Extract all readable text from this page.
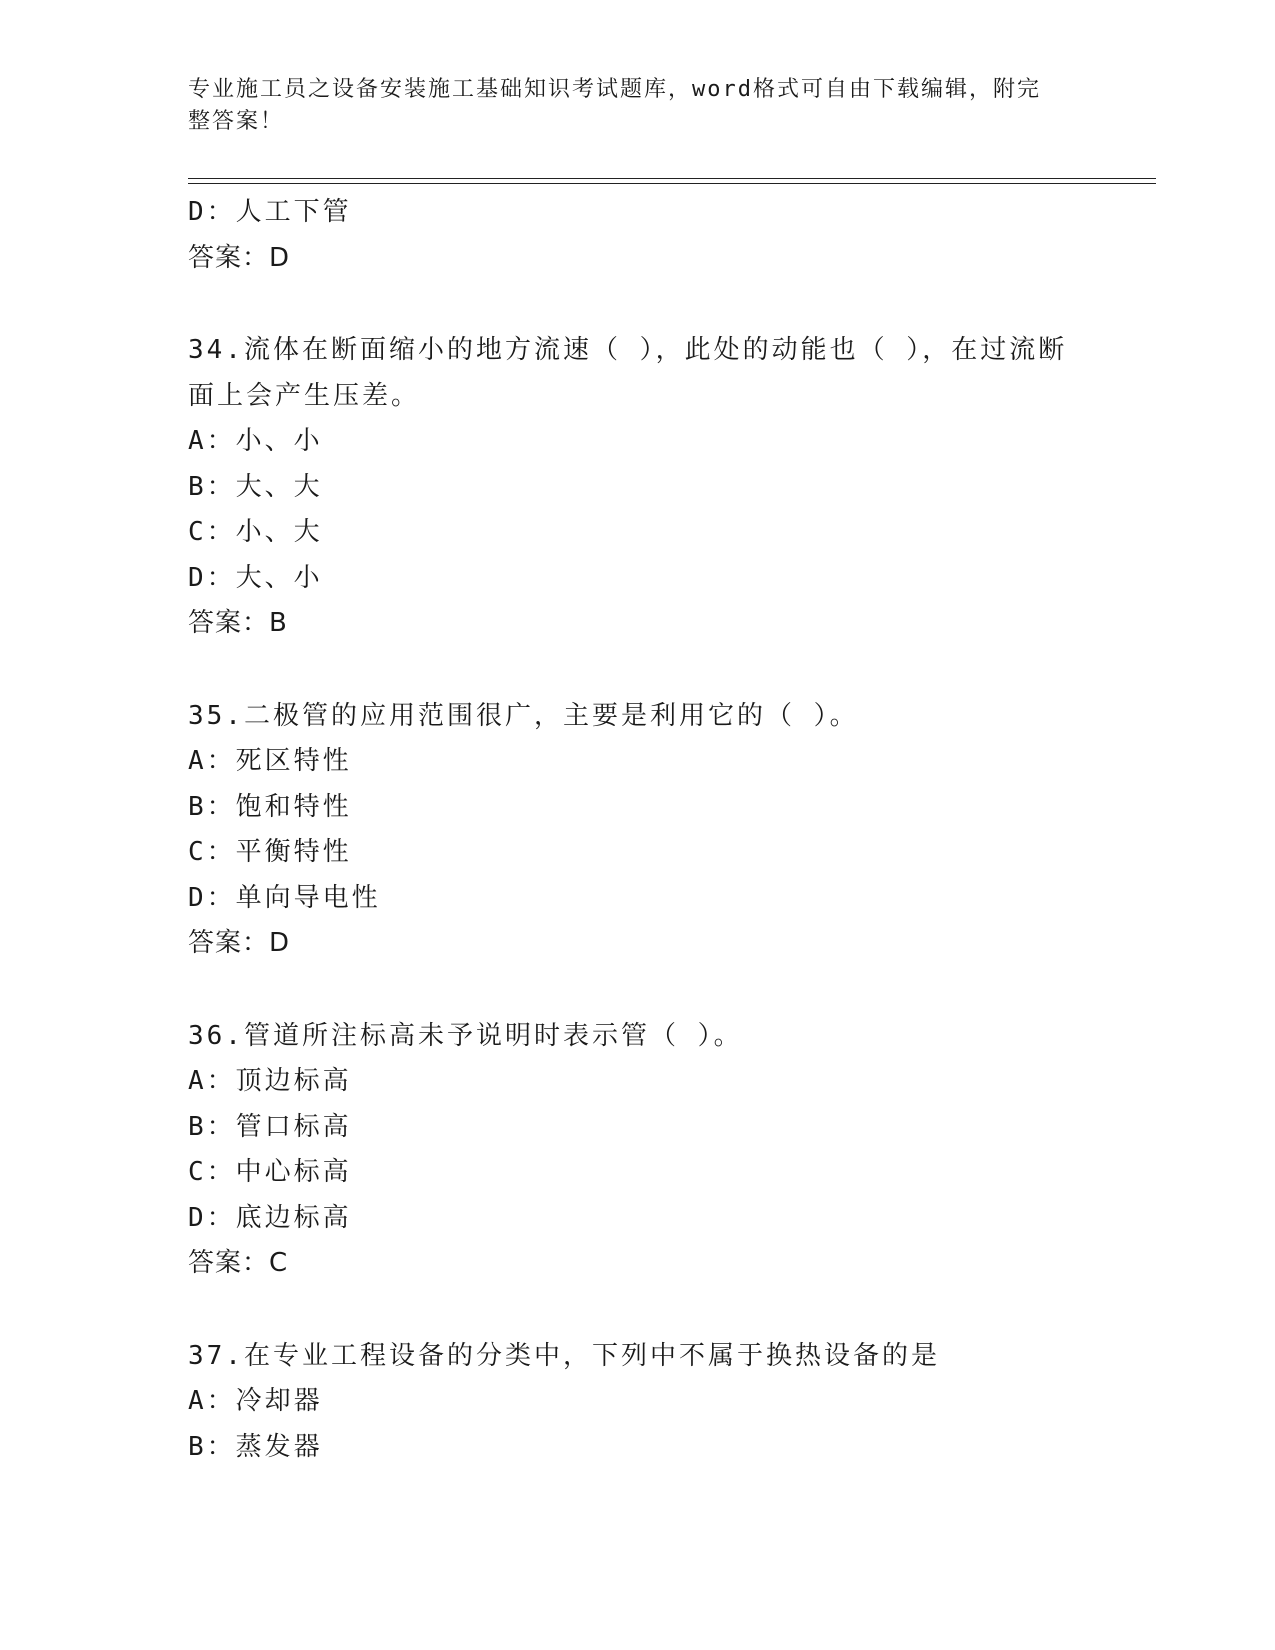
专业施工员之设备安装施工基础知识考试题库，word格式可自由下载编辑，附完
整答案！
D：人工下管
答案：D
34.流体在断面缩小的地方流速（ ），此处的动能也（ ），在过流断
面上会产生压差。
A：小、小
B：大、大
C：小、大
D：大、小
答案：B
35.二极管的应用范围很广，主要是利用它的（ ）。
A：死区特性
B：饱和特性
C：平衡特性
D：单向导电性
答案：D
36.管道所注标高未予说明时表示管（ ）。
A：顶边标高
B：管口标高
C：中心标高
D：底边标高
答案：C
37.在专业工程设备的分类中，下列中不属于换热设备的是
A：冷却器
B：蒸发器
